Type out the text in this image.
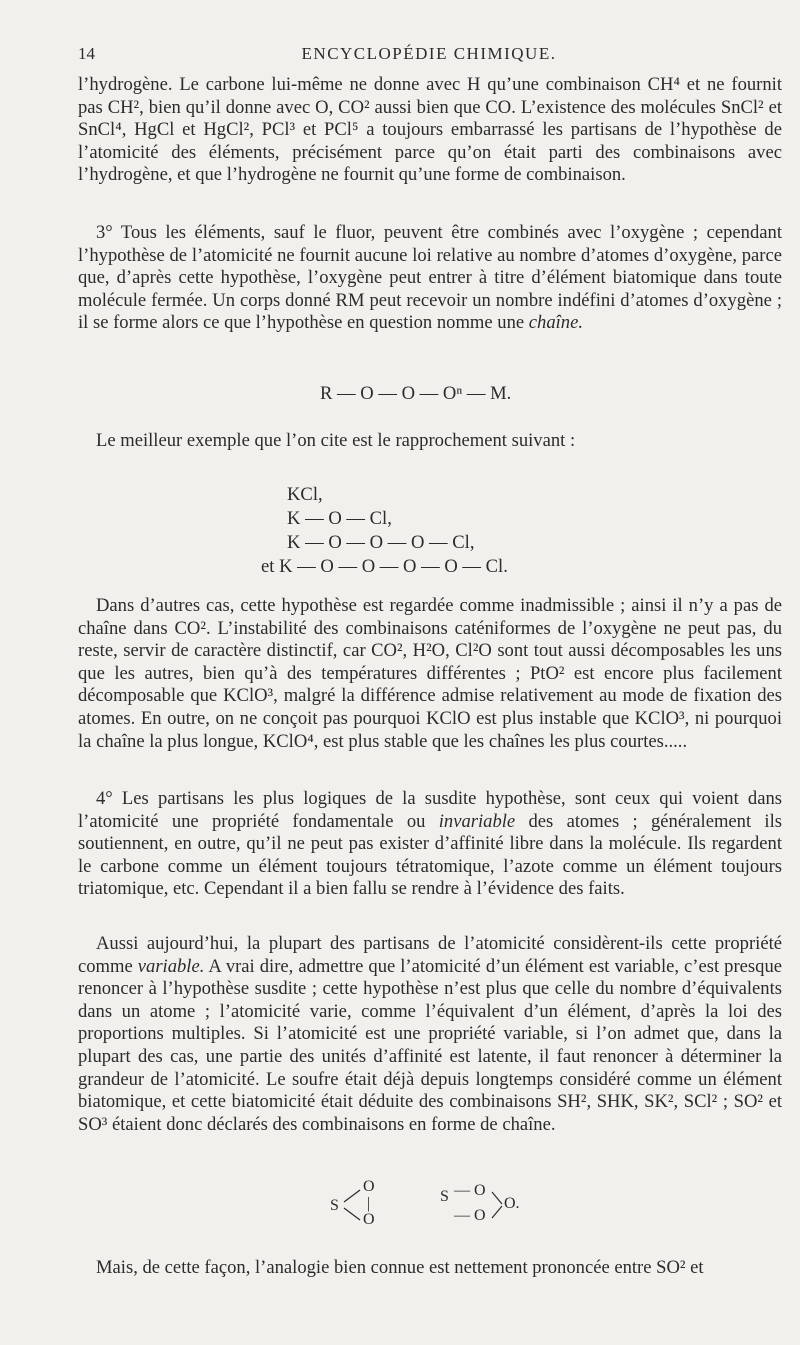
14	ENCYCLOPÉDIE CHIMIQUE.

l’hydrogène. Le carbone lui-même ne donne avec H qu’une combinaison CH⁴ et ne fournit pas CH², bien qu’il donne avec O, CO² aussi bien que CO. L’existence des molécules SnCl² et SnCl⁴, HgCl et HgCl², PCl³ et PCl⁵ a toujours embarrassé les partisans de l’hypothèse de l’atomicité des éléments, précisément parce qu’on était parti des combinaisons avec l’hydrogène, et que l’hydrogène ne fournit qu’une forme de combinaison.

3° Tous les éléments, sauf le fluor, peuvent être combinés avec l’oxygène ; cependant l’hypothèse de l’atomicité ne fournit aucune loi relative au nombre d’atomes d’oxygène, parce que, d’après cette hypothèse, l’oxygène peut entrer à titre d’élément biatomique dans toute molécule fermée. Un corps donné RM peut recevoir un nombre indéfini d’atomes d’oxygène ; il se forme alors ce que l’hypothèse en question nomme une chaîne.

R — O — O — Oⁿ — M.

Le meilleur exemple que l’on cite est le rapprochement suivant :

KCl,
K — O — Cl,
K — O — O — O — Cl,
et K — O — O — O — O — Cl.

Dans d’autres cas, cette hypothèse est regardée comme inadmissible ; ainsi il n’y a pas de chaîne dans CO². L’instabilité des combinaisons caténiformes de l’oxygène ne peut pas, du reste, servir de caractère distinctif, car CO², H²O, Cl²O sont tout aussi décomposables les uns que les autres, bien qu’à des températures différentes ; PtO² est encore plus facilement décomposable que KClO³, malgré la différence admise relativement au mode de fixation des atomes. En outre, on ne conçoit pas pourquoi KClO est plus instable que KClO³, ni pourquoi la chaîne la plus longue, KClO⁴, est plus stable que les chaînes les plus courtes.....

4° Les partisans les plus logiques de la susdite hypothèse, sont ceux qui voient dans l’atomicité une propriété fondamentale ou invariable des atomes ; généralement ils soutiennent, en outre, qu’il ne peut pas exister d’affinité libre dans la molécule. Ils regardent le carbone comme un élément toujours tétratomique, l’azote comme un élément toujours triatomique, etc. Cependant il a bien fallu se rendre à l’évidence des faits.

Aussi aujourd’hui, la plupart des partisans de l’atomicité considèrent-ils cette propriété comme variable. A vrai dire, admettre que l’atomicité d’un élément est variable, c’est presque renoncer à l’hypothèse susdite ; cette hypothèse n’est plus que celle du nombre d’équivalents dans un atome ; l’atomicité varie, comme l’équivalent d’un élément, d’après la loi des proportions multiples. Si l’atomicité est une propriété variable, si l’on admet que, dans la plupart des cas, une partie des unités d’affinité est latente, il faut renoncer à déterminer la grandeur de l’atomicité. Le soufre était déjà depuis longtemps considéré comme un élément biatomique, et cette biatomicité était déduite des combinaisons SH², SHK, SK², SCl² ; SO² et SO³ étaient donc déclarés des combinaisons en forme de chaîne.

S
O
|
O
S — O
— O
O.

Mais, de cette façon, l’analogie bien connue est nettement prononcée entre SO² et
